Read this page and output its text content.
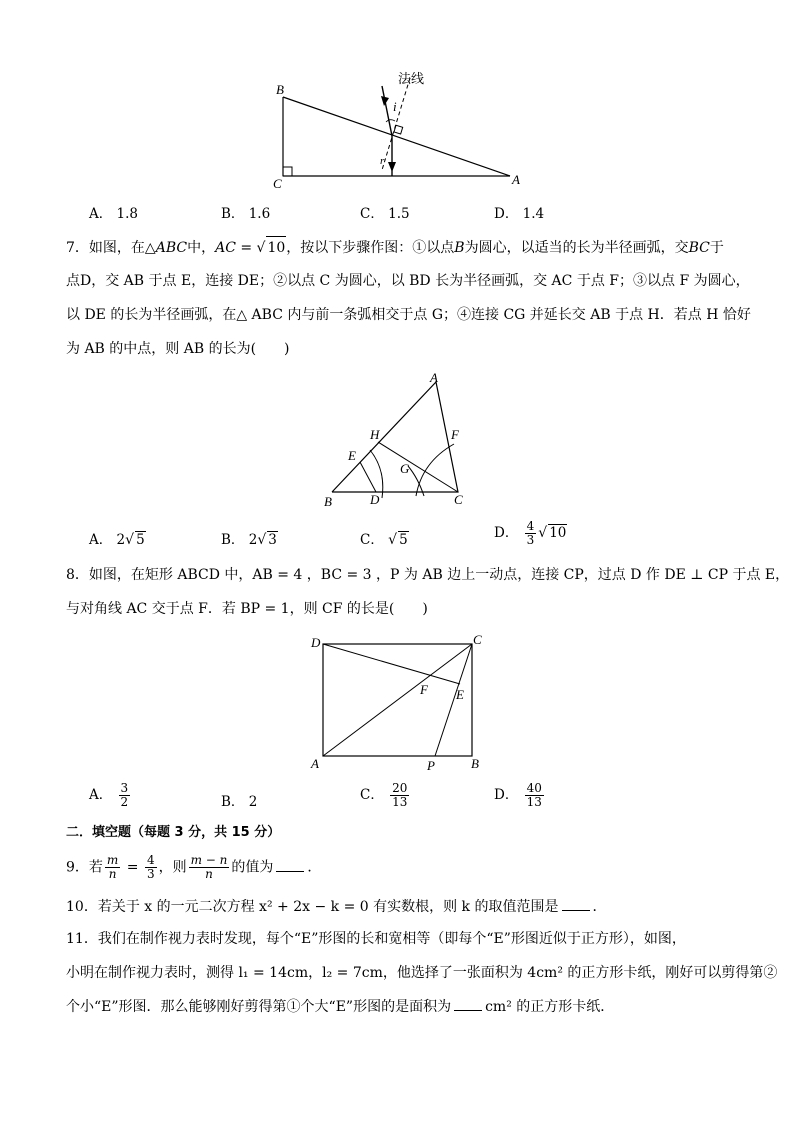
B
C	A
法线
i
r
A． 1.8	B． 1.6	C． 1.5	D． 1.4
7．如图，在△ABC中，AC = √ 10，按以下步骤作图：①以点B为圆心，以适当的长为半径画弧，交BC于
点D，交 AB 于点 E，连接 DE；②以点 C 为圆心，以 BD 长为半径画弧，交 AC 于点 F；③以点 F 为圆心，
以 DE 的长为半径画弧，在△ ABC 内与前一条弧相交于点 G；④连接 CG 并延长交 AB 于点 H．若点 H 恰好
为 AB 的中点，则 AB 的长为(　　)
A
B	C
D
E
F
G
H
A． 2√ 5	B． 2√ 3	C． √ 5	D． $\frac{4}{3}$ √ 10
8．如图，在矩形 ABCD 中，AB = 4 ，BC = 3 ，P 为 AB 边上一动点，连接 CP，过点 D 作 DE ⊥ CP 于点 E，
与对角线 AC 交于点 F．若 BP = 1，则 CF 的长是(　　)
D	C
A	B
P
F E
A． $\frac{3}{2}$	B． 2	C． $\frac{20}{13}$	D． $\frac{40}{13}$
二．填空题（每题 3 分，共 15 分）
9．若 $\frac{m}{n} = \frac{4}{3}$ ，则 $\frac{m - n}{n}$ 的值为 ．
10．若关于 x 的一元二次方程 x² + 2x − k = 0 有实数根，则 k 的取值范围是 ．
11．我们在制作视力表时发现，每个“E”形图的长和宽相等（即每个“E”形图近似于正方形），如图，
小明在制作视力表时，测得 l₁ = 14cm，l₂ = 7cm，他选择了一张面积为 4cm² 的正方形卡纸，刚好可以剪得第②
个小“E”形图．那么能够刚好剪得第①个大“E”形图的是面积为 cm² 的正方形卡纸．
